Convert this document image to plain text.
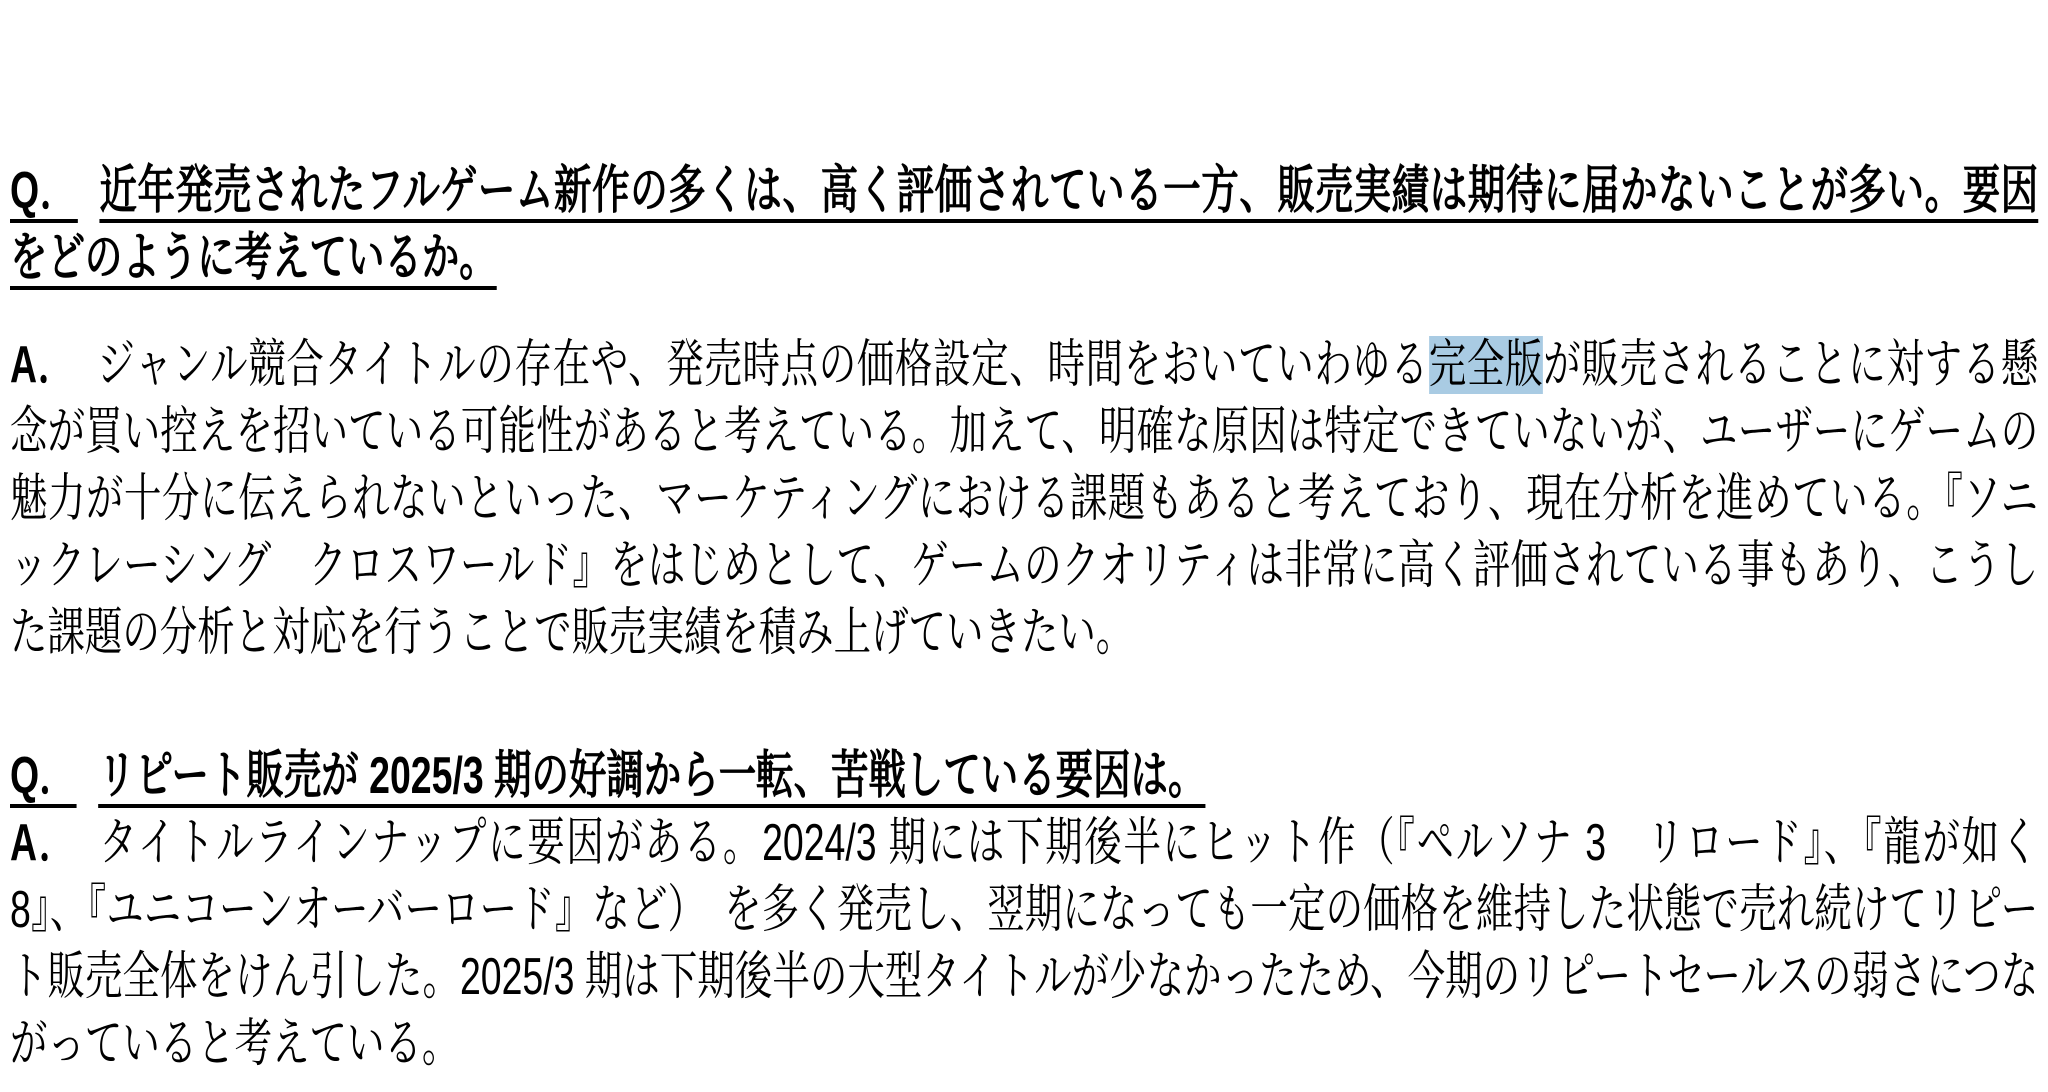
Q． 近年発売されたフルゲーム新作の多くは、高く評価されている一方、販売実績は期待に届かないことが多い。要因をどのように考えているか。

A． ジャンル競合タイトルの存在や、発売時点の価格設定、時間をおいていわゆる完全版が販売されることに対する懸念が買い控えを招いている可能性があると考えている。加えて、明確な原因は特定できていないが、ユーザーにゲームの魅力が十分に伝えられないといった、マーケティングにおける課題もあると考えており、現在分析を進めている。『ソニックレーシング　クロスワールド』をはじめとして、ゲームのクオリティは非常に高く評価されている事もあり、こうした課題の分析と対応を行うことで販売実績を積み上げていきたい。

Q． リピート販売が 2025/3 期の好調から一転、苦戦している要因は。

A． タイトルラインナップに要因がある。2024/3 期には下期後半にヒット作（『ペルソナ 3　リロード』、『龍が如く 8』、『ユニコーンオーバーロード』など）　を多く発売し、翌期になっても一定の価格を維持した状態で売れ続けてリピート販売全体をけん引した。2025/3 期は下期後半の大型タイトルが少なかったため、今期のリピートセールスの弱さにつながっていると考えている。
